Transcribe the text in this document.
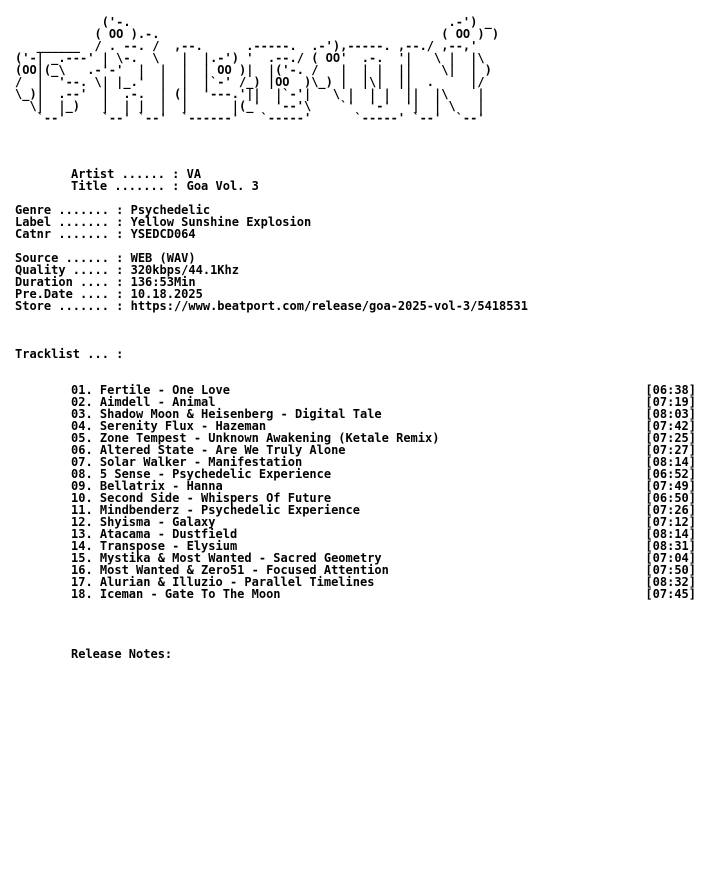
('-.                                            .-') _
( OO ).-.                                       ( OO ) )
______  / . --. /  ,--.      .-----.  .-'),-----. ,--./ ,--,'
('-| _.---' | \-.  \   |  |.-') '  .--./ ( OO'  .-.  '|   \ |  |\
(OO|(_\   .-'-'  |  |  |  | OO )|  |('-. /   |  | |  ||    \|  | )
/  |  '--. \| |_.'  |  |  |`-' /_) |OO  )\_) |  |\|  ||  .     |/
\_)|  .--'  |  .-.  | (|  '---.'||  |`-'|   \ |  | |  ||  |\    |
\|  |_)   |  | |  |  |      |(_'  '--'\    `'  '-'  '|  | \   |
`--'     `--' `--'  `------'   `-----'      `-----' `--'  `--'
Artist ...... : VA
Title ....... : Goa Vol. 3
Genre ....... : Psychedelic
Label ....... : Yellow Sunshine Explosion
Catnr ....... : YSEDCD064
Source ...... : WEB (WAV)
Quality ..... : 320kbps/44.1Khz
Duration .... : 136:53Min
Pre.Date .... : 10.18.2025
Store ....... : https://www.beatport.com/release/goa-2025-vol-3/5418531
Tracklist ... :
01. Fertile - One Love	[06:38]
02. Aimdell - Animal	[07:19]
03. Shadow Moon & Heisenberg - Digital Tale	[08:03]
04. Serenity Flux - Hazeman	[07:42]
05. Zone Tempest - Unknown Awakening (Ketale Remix)	[07:25]
06. Altered State - Are We Truly Alone	[07:27]
07. Solar Walker - Manifestation	[08:14]
08. 5 Sense - Psychedelic Experience	[06:52]
09. Bellatrix - Hanna	[07:49]
10. Second Side - Whispers Of Future	[06:50]
11. Mindbenderz - Psychedelic Experience	[07:26]
12. Shyisma - Galaxy	[07:12]
13. Atacama - Dustfield	[08:14]
14. Transpose - Elysium	[08:31]
15. Mystika & Most Wanted - Sacred Geometry	[07:04]
16. Most Wanted & Zero51 - Focused Attention	[07:50]
17. Alurian & Illuzio - Parallel Timelines	[08:32]
18. Iceman - Gate To The Moon	[07:45]
Release Notes:
